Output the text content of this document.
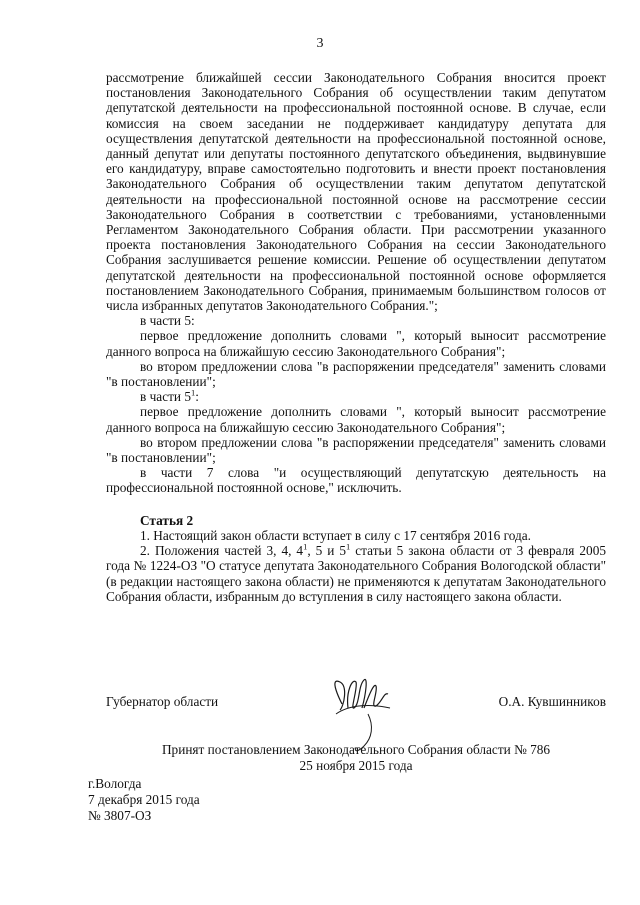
3

рассмотрение ближайшей сессии Законодательного Собрания вносится проект постановления Законодательного Собрания об осуществлении таким депутатом депутатской деятельности на профессиональной постоянной основе. В случае, если комиссия на своем заседании не поддерживает кандидатуру депутата для осуществления депутатской деятельности на профессиональной постоянной основе, данный депутат или депутаты постоянного депутатского объединения, выдвинувшие его кандидатуру, вправе самостоятельно подготовить и внести проект постановления Законодательного Собрания об осуществлении таким депутатом депутатской деятельности на профессиональной постоянной основе на рассмотрение сессии Законодательного Собрания в соответствии с требованиями, установленными Регламентом Законодательного Собрания области. При рассмотрении указанного проекта постановления Законодательного Собрания на сессии Законодательного Собрания заслушивается решение комиссии. Решение об осуществлении депутатом депутатской деятельности на профессиональной постоянной основе оформляется постановлением Законодательного Собрания, принимаемым большинством голосов от числа избранных депутатов Законодательного Собрания.";

в части 5:

первое предложение дополнить словами ", который выносит рассмотрение данного вопроса на ближайшую сессию Законодательного Собрания";

во втором предложении слова "в распоряжении председателя" заменить словами "в постановлении";

в части $5^1$:

первое предложение дополнить словами ", который выносит рассмотрение данного вопроса на ближайшую сессию Законодательного Собрания";

во втором предложении слова "в распоряжении председателя" заменить словами "в постановлении";

в части 7 слова "и осуществляющий депутатскую деятельность на профессиональной постоянной основе," исключить.

Статья 2

1. Настоящий закон области вступает в силу с 17 сентября 2016 года.

2. Положения частей 3, 4, $4^1$, 5 и $5^1$ статьи 5 закона области от 3 февраля 2005 года № 1224-ОЗ "О статусе депутата Законодательного Собрания Вологодской области" (в редакции настоящего закона области) не применяются к депутатам Законодательного Собрания области, избранным до вступления в силу настоящего закона области.

Губернатор области	О.А. Кувшинников
Принят постановлением Законодательного Собрания области № 786
25 ноября 2015 года
г.Вологда
7 декабря 2015 года
№ 3807-ОЗ
